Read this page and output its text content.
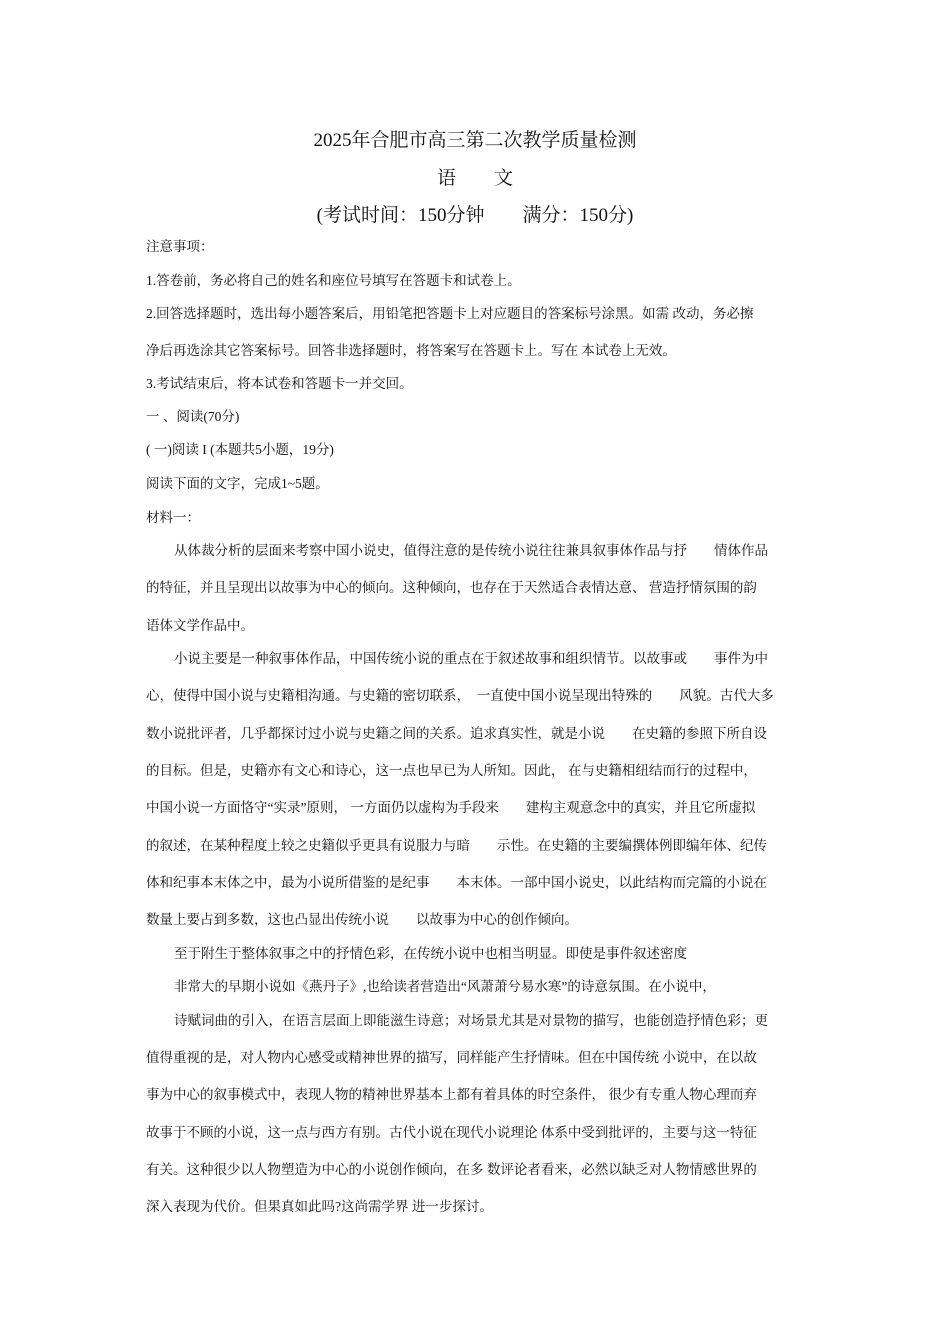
2025年合肥市高三第二次教学质量检测
语　　文
(考试时间：150分钟　　满分：150分)
注意事项：
1.答卷前，务必将自己的姓名和座位号填写在答题卡和试卷上。
2.回答选择题时，选出每小题答案后，用铅笔把答题卡上对应题目的答案标号涂黑。如需 改动，务必擦
净后再选涂其它答案标号。回答非选择题时，将答案写在答题卡上。写在 本试卷上无效。
3.考试结束后，将本试卷和答题卡一并交回。
一 、阅读(70分)
( 一)阅读 I (本题共5小题，19分)
阅读下面的文字，完成1~5题。
材料一：
从体裁分析的层面来考察中国小说史，值得注意的是传统小说往往兼具叙事体作品与抒　　情体作品
的特征，并且呈现出以故事为中心的倾向。这种倾向，也存在于天然适合表情达意、 营造抒情氛围的韵
语体文学作品中。
小说主要是一种叙事体作品，中国传统小说的重点在于叙述故事和组织情节。以故事或　　事件为中
心，使得中国小说与史籍相沟通。与史籍的密切联系，　一直使中国小说呈现出特殊的　　风貌。古代大多
数小说批评者，几乎都探讨过小说与史籍之间的关系。追求真实性，就是小说　　在史籍的参照下所自设
的目标。但是，史籍亦有文心和诗心，这一点也早已为人所知。因此， 在与史籍相纽结而行的过程中，
中国小说一方面恪守“实录”原则， 一方面仍以虚构为手段来　　建构主观意念中的真实，并且它所虚拟
的叙述，在某种程度上较之史籍似乎更具有说服力与暗　　示性。在史籍的主要编撰体例即编年体、纪传
体和纪事本末体之中，最为小说所借鉴的是纪事　　本末体。一部中国小说史，以此结构而完篇的小说在
数量上要占到多数，这也凸显出传统小说　　以故事为中心的创作倾向。
至于附生于整体叙事之中的抒情色彩，在传统小说中也相当明显。即使是事件叙述密度
非常大的早期小说如《燕丹子》,也给读者营造出“风萧萧兮易水寒”的诗意氛围。在小说中，
诗赋词曲的引入，在语言层面上即能滋生诗意；对场景尤其是对景物的描写，也能创造抒情色彩；更
值得重视的是，对人物内心感受或精神世界的描写，同样能产生抒情味。但在中国传统 小说中，在以故
事为中心的叙事模式中，表现人物的精神世界基本上都有着具体的时空条件， 很少有专重人物心理而弃
故事于不顾的小说，这一点与西方有别。古代小说在现代小说理论 体系中受到批评的，主要与这一特征
有关。这种很少以人物塑造为中心的小说创作倾向，在多 数评论者看来，必然以缺乏对人物情感世界的
深入表现为代价。但果真如此吗?这尚需学界 进一步探讨。
